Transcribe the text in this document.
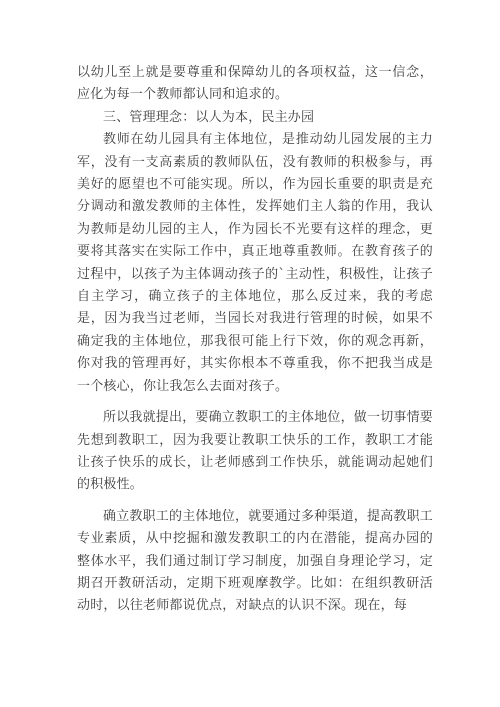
以幼儿至上就是要尊重和保障幼儿的各项权益，这一信念，应化为每一个教师都认同和追求的。

三、管理理念：以人为本，民主办园

教师在幼儿园具有主体地位，是推动幼儿园发展的主力军，没有一支高素质的教师队伍，没有教师的积极参与，再美好的愿望也不可能实现。所以，作为园长重要的职责是充分调动和激发教师的主体性，发挥她们主人翁的作用，我认为教师是幼儿园的主人，作为园长不光要有这样的理念，更要将其落实在实际工作中，真正地尊重教师。在教育孩子的过程中，以孩子为主体调动孩子的`主动性，积极性，让孩子自主学习，确立孩子的主体地位，那么反过来，我的考虑是，因为我当过老师，当园长对我进行管理的时候，如果不确定我的主体地位，那我很可能上行下效，你的观念再新，你对我的管理再好，其实你根本不尊重我，你不把我当成是一个核心，你让我怎么去面对孩子。

所以我就提出，要确立教职工的主体地位，做一切事情要先想到教职工，因为我要让教职工快乐的工作，教职工才能让孩子快乐的成长，让老师感到工作快乐，就能调动起她们的积极性。

确立教职工的主体地位，就要通过多种渠道，提高教职工专业素质，从中挖掘和激发教职工的内在潜能，提高办园的整体水平，我们通过制订学习制度，加强自身理论学习，定期召开教研活动，定期下班观摩教学。比如：在组织教研活动时，以往老师都说优点，对缺点的认识不深。现在，每
